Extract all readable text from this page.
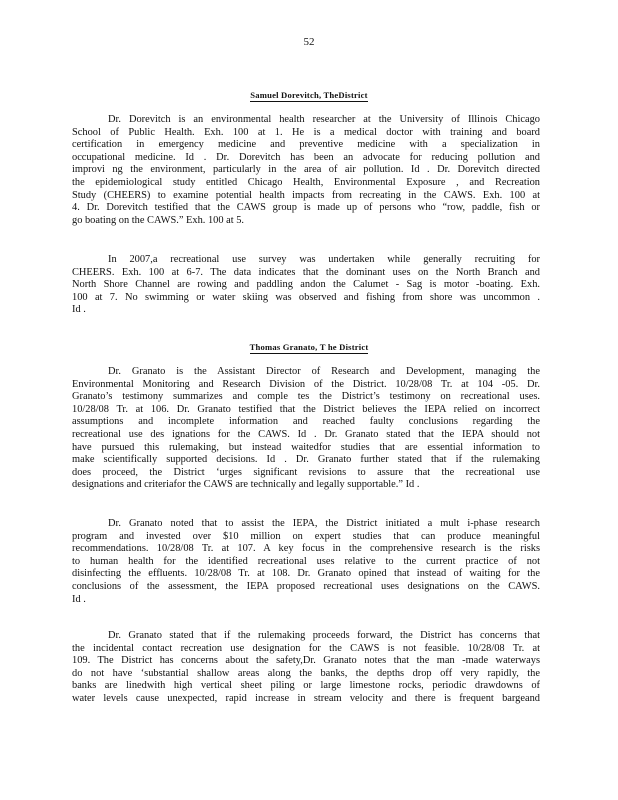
52
Samuel Dorevitch, TheDistrict
Dr. Dorevitch is an environmental health researcher at the University of Illinois Chicago
School of Public Health. Exh. 100 at 1. He is a medical doctor with training and board
certification in emergency medicine and preventive medicine with a specialization in
occupational medicine. Id . Dr. Dorevitch has been an advocate for reducing pollution and
improvi ng the environment, particularly in the area of air pollution. Id . Dr. Dorevitch directed
the epidemiological study entitled Chicago Health, Environmental Exposure , and Recreation
Study (CHEERS) to examine potential health impacts from recreating in the CAWS. Exh. 100 at
4. Dr. Dorevitch testified that the CAWS group is made up of persons who “row, paddle, fish or
go boating on the CAWS.” Exh. 100 at 5.
In 2007,a recreational use survey was undertaken while generally recruiting for
CHEERS. Exh. 100 at 6-7. The data indicates that the dominant uses on the North Branch and
North Shore Channel are rowing and paddling andon the Calumet - Sag is motor -boating. Exh.
100 at 7. No swimming or water skiing was observed and fishing from shore was uncommon .
Id .
Thomas Granato, T he District
Dr. Granato is the Assistant Director of Research and Development, managing the
Environmental Monitoring and Research Division of the District. 10/28/08 Tr. at 104 -05. Dr.
Granato’s testimony summarizes and comple tes the District’s testimony on recreational uses.
10/28/08 Tr. at 106. Dr. Granato testified that the District believes the IEPA relied on incorrect
assumptions and incomplete information and reached faulty conclusions regarding the
recreational use des ignations for the CAWS. Id . Dr. Granato stated that the IEPA should not
have pursued this rulemaking, but instead waitedfor studies that are essential information to
make scientifically supported decisions. Id . Dr. Granato further stated that if the rulemaking
does proceed, the District ‘urges significant revisions to assure that the recreational use
designations and criteriafor the CAWS are technically and legally supportable.” Id .
Dr. Granato noted that to assist the IEPA, the District initiated a mult i-phase research
program and invested over $10 million on expert studies that can produce meaningful
recommendations. 10/28/08 Tr. at 107. A key focus in the comprehensive research is the risks
to human health for the identified recreational uses relative to the current practice of not
disinfecting the effluents. 10/28/08 Tr. at 108. Dr. Granato opined that instead of waiting for the
conclusions of the assessment, the IEPA proposed recreational uses designations on the CAWS.
Id .
Dr. Granato stated that if the rulemaking proceeds forward, the District has concerns that
the incidental contact recreation use designation for the CAWS is not feasible. 10/28/08 Tr. at
109. The District has concerns about the safety,Dr. Granato notes that the man -made waterways
do not have ‘substantial shallow areas along the banks, the depths drop off very rapidly, the
banks are linedwith high vertical sheet piling or large limestone rocks, periodic drawdowns of
water levels cause unexpected, rapid increase in stream velocity and there is frequent bargeand
